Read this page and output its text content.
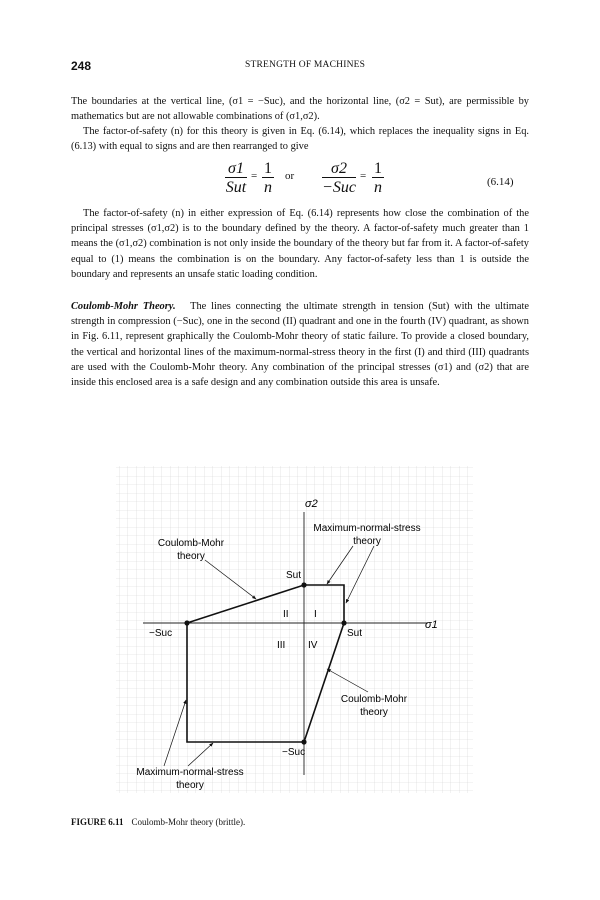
248	STRENGTH OF MACHINES

The boundaries at the vertical line, (σ1 = −Suc), and the horizontal line, (σ2 = Sut), are permissible by mathematics but are not allowable combinations of (σ1,σ2).

The factor-of-safety (n) for this theory is given in Eq. (6.14), which replaces the inequality signs in Eq. (6.13) with equal to signs and are then rearranged to give

σ1
Sut
= 1
n
or	σ2
−Suc
= 1
n	(6.14)

The factor-of-safety (n) in either expression of Eq. (6.14) represents how close the combination of the principal stresses (σ1,σ2) is to the boundary defined by the theory. A factor-of-safety much greater than 1 means the (σ1,σ2) combination is not only inside the boundary of the theory but far from it. A factor-of-safety equal to (1) means the combination is on the boundary. Any factor-of-safety less than 1 is outside the boundary and represents an unsafe static loading condition.

Coulomb-Mohr Theory. The lines connecting the ultimate strength in tension (Sut) with the ultimate strength in compression (−Suc), one in the second (II) quadrant and one in the fourth (IV) quadrant, as shown in Fig. 6.11, represent graphically the Coulomb-Mohr theory of static failure. To provide a closed boundary, the vertical and horizontal lines of the maximum-normal-stress theory in the first (I) and third (III) quadrants are used with the Coulomb-Mohr theory. Any combination of the principal stresses (σ1) and (σ2) that are inside this enclosed area is a safe design and any combination outside this area is unsafe.

σ2
σ1
Sut
Sut
−Suc
−Suc
I
II
III IV
Coulomb-Mohr
theory
Maximum-normal-stress
theory
Coulomb-Mohr
theory
Maximum-normal-stress
theory
FIGURE 6.11 Coulomb-Mohr theory (brittle).
